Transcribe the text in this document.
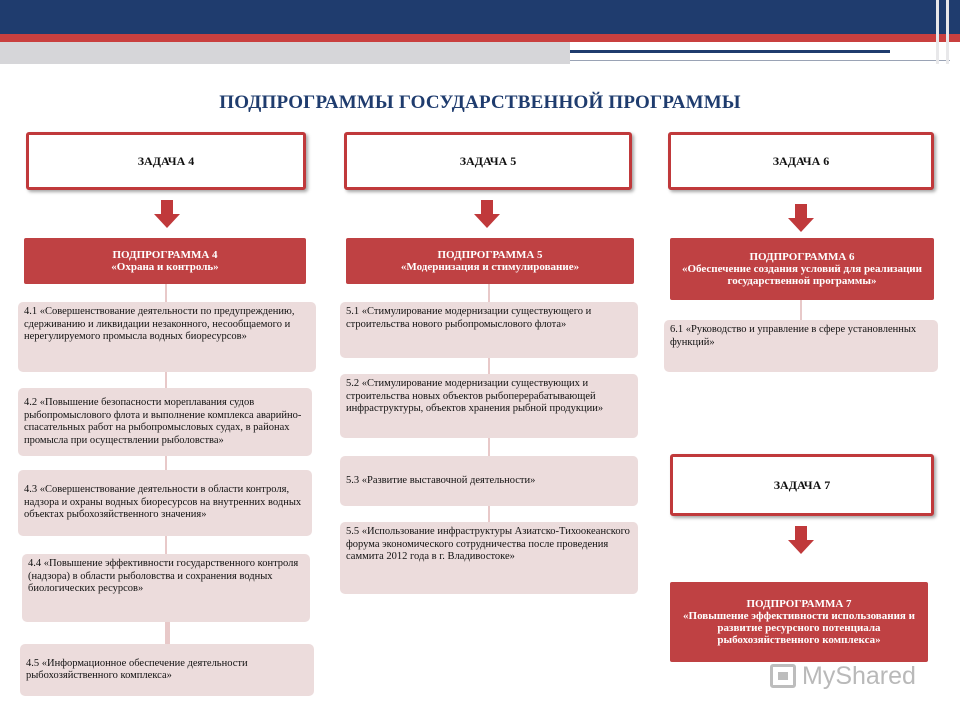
ПОДПРОГРАММЫ ГОСУДАРСТВЕННОЙ ПРОГРАММЫ
ЗАДАЧА 4
ПОДПРОГРАММА 4
«Охрана и контроль»
4.1 «Совершенствование деятельности по предупреждению, сдерживанию и ликвидации незаконного, несообщаемого и нерегулируемого промысла водных биоресурсов»
4.2 «Повышение безопасности мореплавания судов рыбопромыслового флота и выполнение комплекса аварийно-спасательных работ на рыбопромысловых судах, в районах промысла при осуществлении рыболовства»
4.3 «Совершенствование деятельности в области контроля, надзора и охраны водных биоресурсов на внутренних водных объектах рыбохозяйственного значения»
4.4 «Повышение эффективности государственного контроля (надзора) в области рыболовства и сохранения водных биологических ресурсов»
4.5 «Информационное обеспечение деятельности рыбохозяйственного комплекса»
ЗАДАЧА 5
ПОДПРОГРАММА 5
«Модернизация и стимулирование»
5.1 «Стимулирование модернизации существующего и строительства нового рыбопромыслового флота»
5.2 «Стимулирование модернизации существующих и строительства новых объектов рыбоперерабатывающей инфраструктуры, объектов хранения рыбной продукции»
5.3 «Развитие выставочной деятельности»
5.5 «Использование инфраструктуры Азиатско-Тихоокеанского форума экономического сотрудничества после проведения саммита 2012 года в г. Владивостоке»
ЗАДАЧА 6
ПОДПРОГРАММА 6
«Обеспечение создания условий для реализации государственной программы»
6.1 «Руководство и управление в сфере установленных функций»
ЗАДАЧА 7
ПОДПРОГРАММА 7
«Повышение эффективности использования и развитие ресурсного потенциала рыбохозяйственного комплекса»
MyShared
